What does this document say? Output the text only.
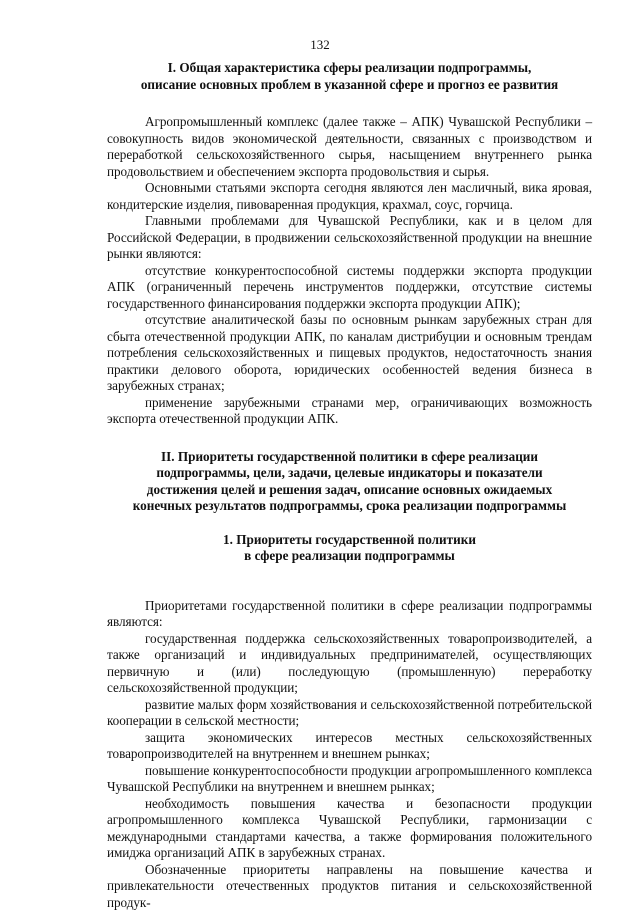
132
I. Общая характеристика сферы реализации подпрограммы,
описание основных проблем в указанной сфере и прогноз ее развития

Агропромышленный комплекс (далее также – АПК) Чувашской Республики – совокупность видов экономической деятельности, связанных с производством и переработкой сельскохозяйственного сырья, насыщением внутреннего рынка продовольствием и обеспечением экспорта продовольствия и сырья.

Основными статьями экспорта сегодня являются лен масличный, вика яровая, кондитерские изделия, пивоваренная продукция, крахмал, соус, горчица.

Главными проблемами для Чувашской Республики, как и в целом для Российской Федерации, в продвижении сельскохозяйственной продукции на внешние рынки являются:

отсутствие конкурентоспособной системы поддержки экспорта продукции АПК (ограниченный перечень инструментов поддержки, отсутствие системы государственного финансирования поддержки экспорта продукции АПК);

отсутствие аналитической базы по основным рынкам зарубежных стран для сбыта отечественной продукции АПК, по каналам дистрибуции и основным трендам потребления сельскохозяйственных и пищевых продуктов, недостаточность знания практики делового оборота, юридических особенностей ведения бизнеса в зарубежных странах;

применение зарубежными странами мер, ограничивающих возможность экспорта отечественной продукции АПК.

II. Приоритеты государственной политики в сфере реализации
подпрограммы, цели, задачи, целевые индикаторы и показатели
достижения целей и решения задач, описание основных ожидаемых
конечных результатов подпрограммы, срока реализации подпрограммы
1. Приоритеты государственной политики
в сфере реализации подпрограммы

Приоритетами государственной политики в сфере реализации подпрограммы являются:

государственная поддержка сельскохозяйственных товаропроизводителей, а также организаций и индивидуальных предпринимателей, осуществляющих первичную и (или) последующую (промышленную) переработку сельскохозяйственной продукции;

развитие малых форм хозяйствования и сельскохозяйственной потребительской кооперации в сельской местности;

защита экономических интересов местных сельскохозяйственных товаропроизводителей на внутреннем и внешнем рынках;

повышение конкурентоспособности продукции агропромышленного комплекса Чувашской Республики на внутреннем и внешнем рынках;

необходимость повышения качества и безопасности продукции агропромышленного комплекса Чувашской Республики, гармонизации с международными стандартами качества, а также формирования положительного имиджа организаций АПК в зарубежных странах.

Обозначенные приоритеты направлены на повышение качества и привлекательности отечественных продуктов питания и сельскохозяйственной продук-
